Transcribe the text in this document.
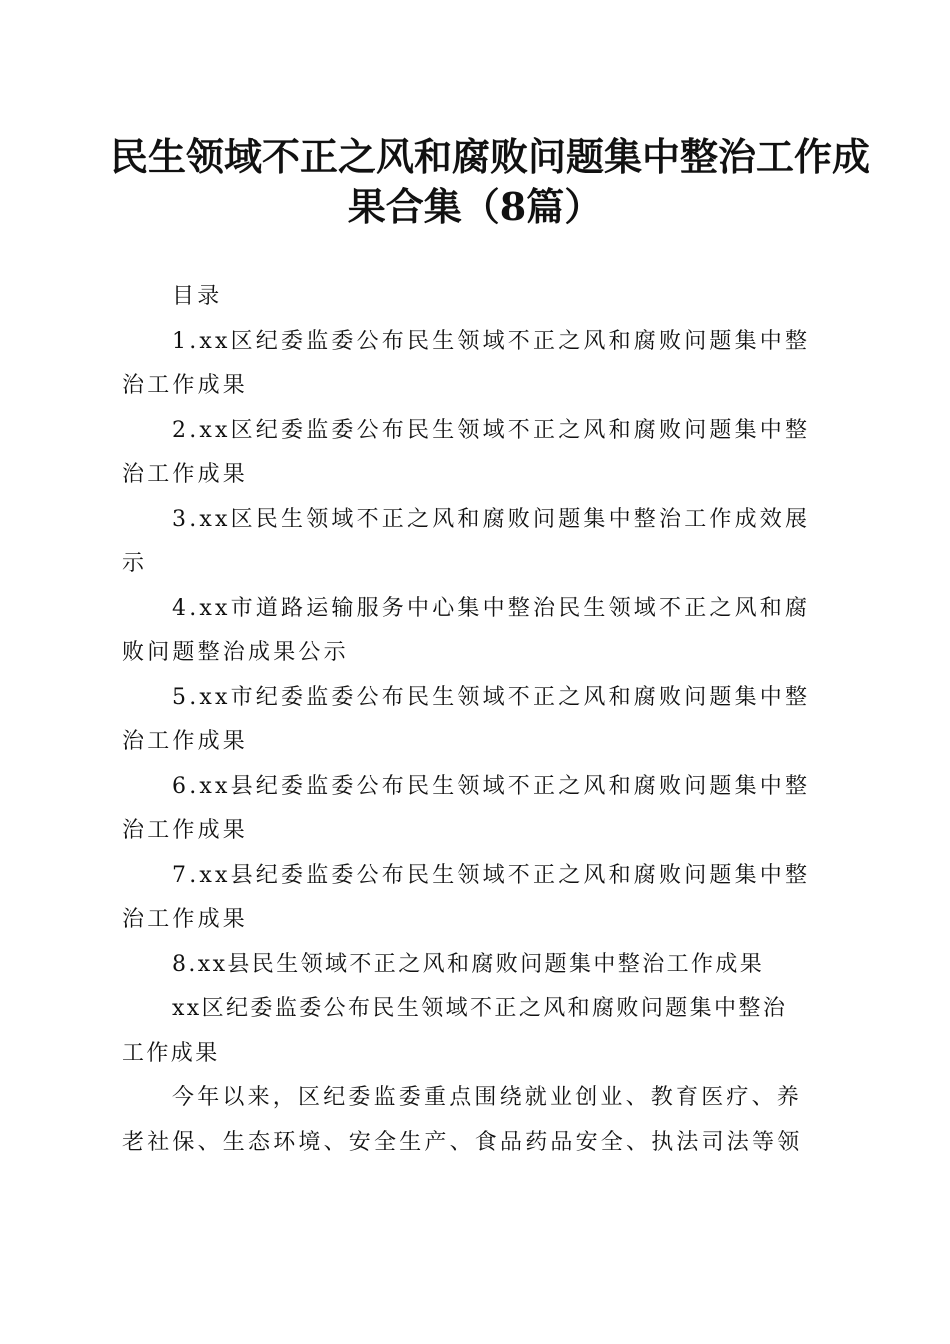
民生领域不正之风和腐败问题集中整治工作成
果合集（8篇）

目录

1.xx区纪委监委公布民生领域不正之风和腐败问题集中整
治工作成果

2.xx区纪委监委公布民生领域不正之风和腐败问题集中整
治工作成果

3.xx区民生领域不正之风和腐败问题集中整治工作成效展
示

4.xx市道路运输服务中心集中整治民生领域不正之风和腐
败问题整治成果公示

5.xx市纪委监委公布民生领域不正之风和腐败问题集中整
治工作成果

6.xx县纪委监委公布民生领域不正之风和腐败问题集中整
治工作成果

7.xx县纪委监委公布民生领域不正之风和腐败问题集中整
治工作成果

8.xx县民生领域不正之风和腐败问题集中整治工作成果

xx区纪委监委公布民生领域不正之风和腐败问题集中整治
工作成果

今年以来，区纪委监委重点围绕就业创业、教育医疗、养
老社保、生态环境、安全生产、食品药品安全、执法司法等领
